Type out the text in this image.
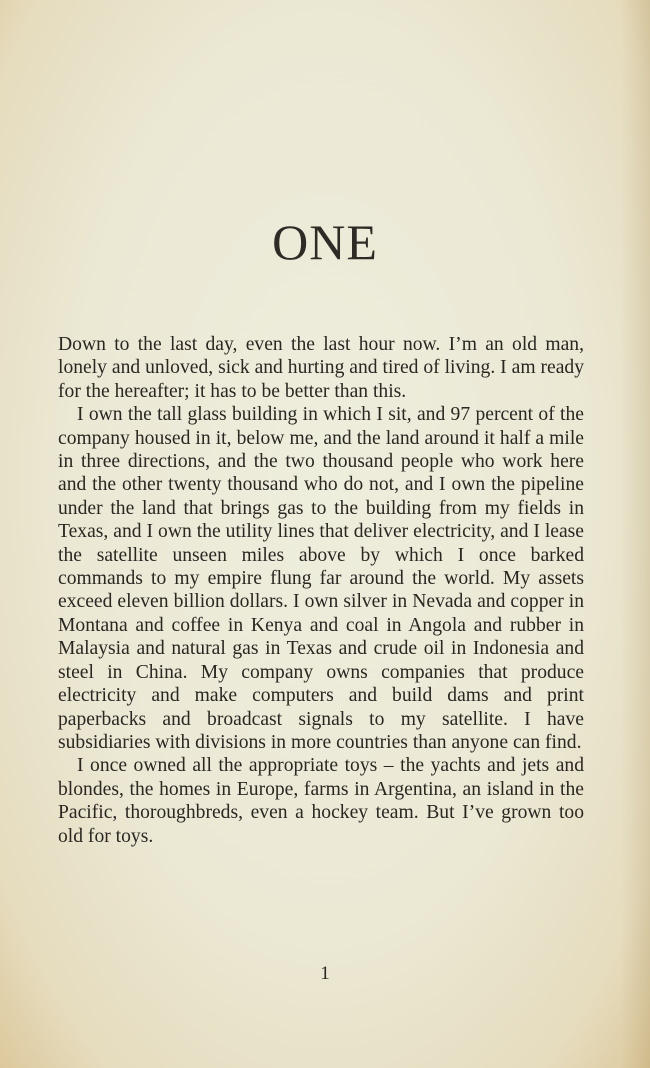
ONE

Down to the last day, even the last hour now. I’m an old man, lonely and unloved, sick and hurting and tired of living. I am ready for the hereafter; it has to be better than this.

I own the tall glass building in which I sit, and 97 percent of the company housed in it, below me, and the land around it half a mile in three directions, and the two thousand people who work here and the other twenty thousand who do not, and I own the pipeline under the land that brings gas to the building from my fields in Texas, and I own the utility lines that deliver electricity, and I lease the satellite unseen miles above by which I once barked commands to my empire flung far around the world. My assets exceed eleven billion dollars. I own silver in Nevada and copper in Montana and coffee in Kenya and coal in Angola and rubber in Malaysia and natural gas in Texas and crude oil in Indonesia and steel in China. My company owns companies that produce electricity and make computers and build dams and print paperbacks and broadcast signals to my satellite. I have subsidiaries with divisions in more countries than anyone can find.

I once owned all the appropriate toys – the yachts and jets and blondes, the homes in Europe, farms in Argentina, an island in the Pacific, thoroughbreds, even a hockey team. But I’ve grown too old for toys.

1
